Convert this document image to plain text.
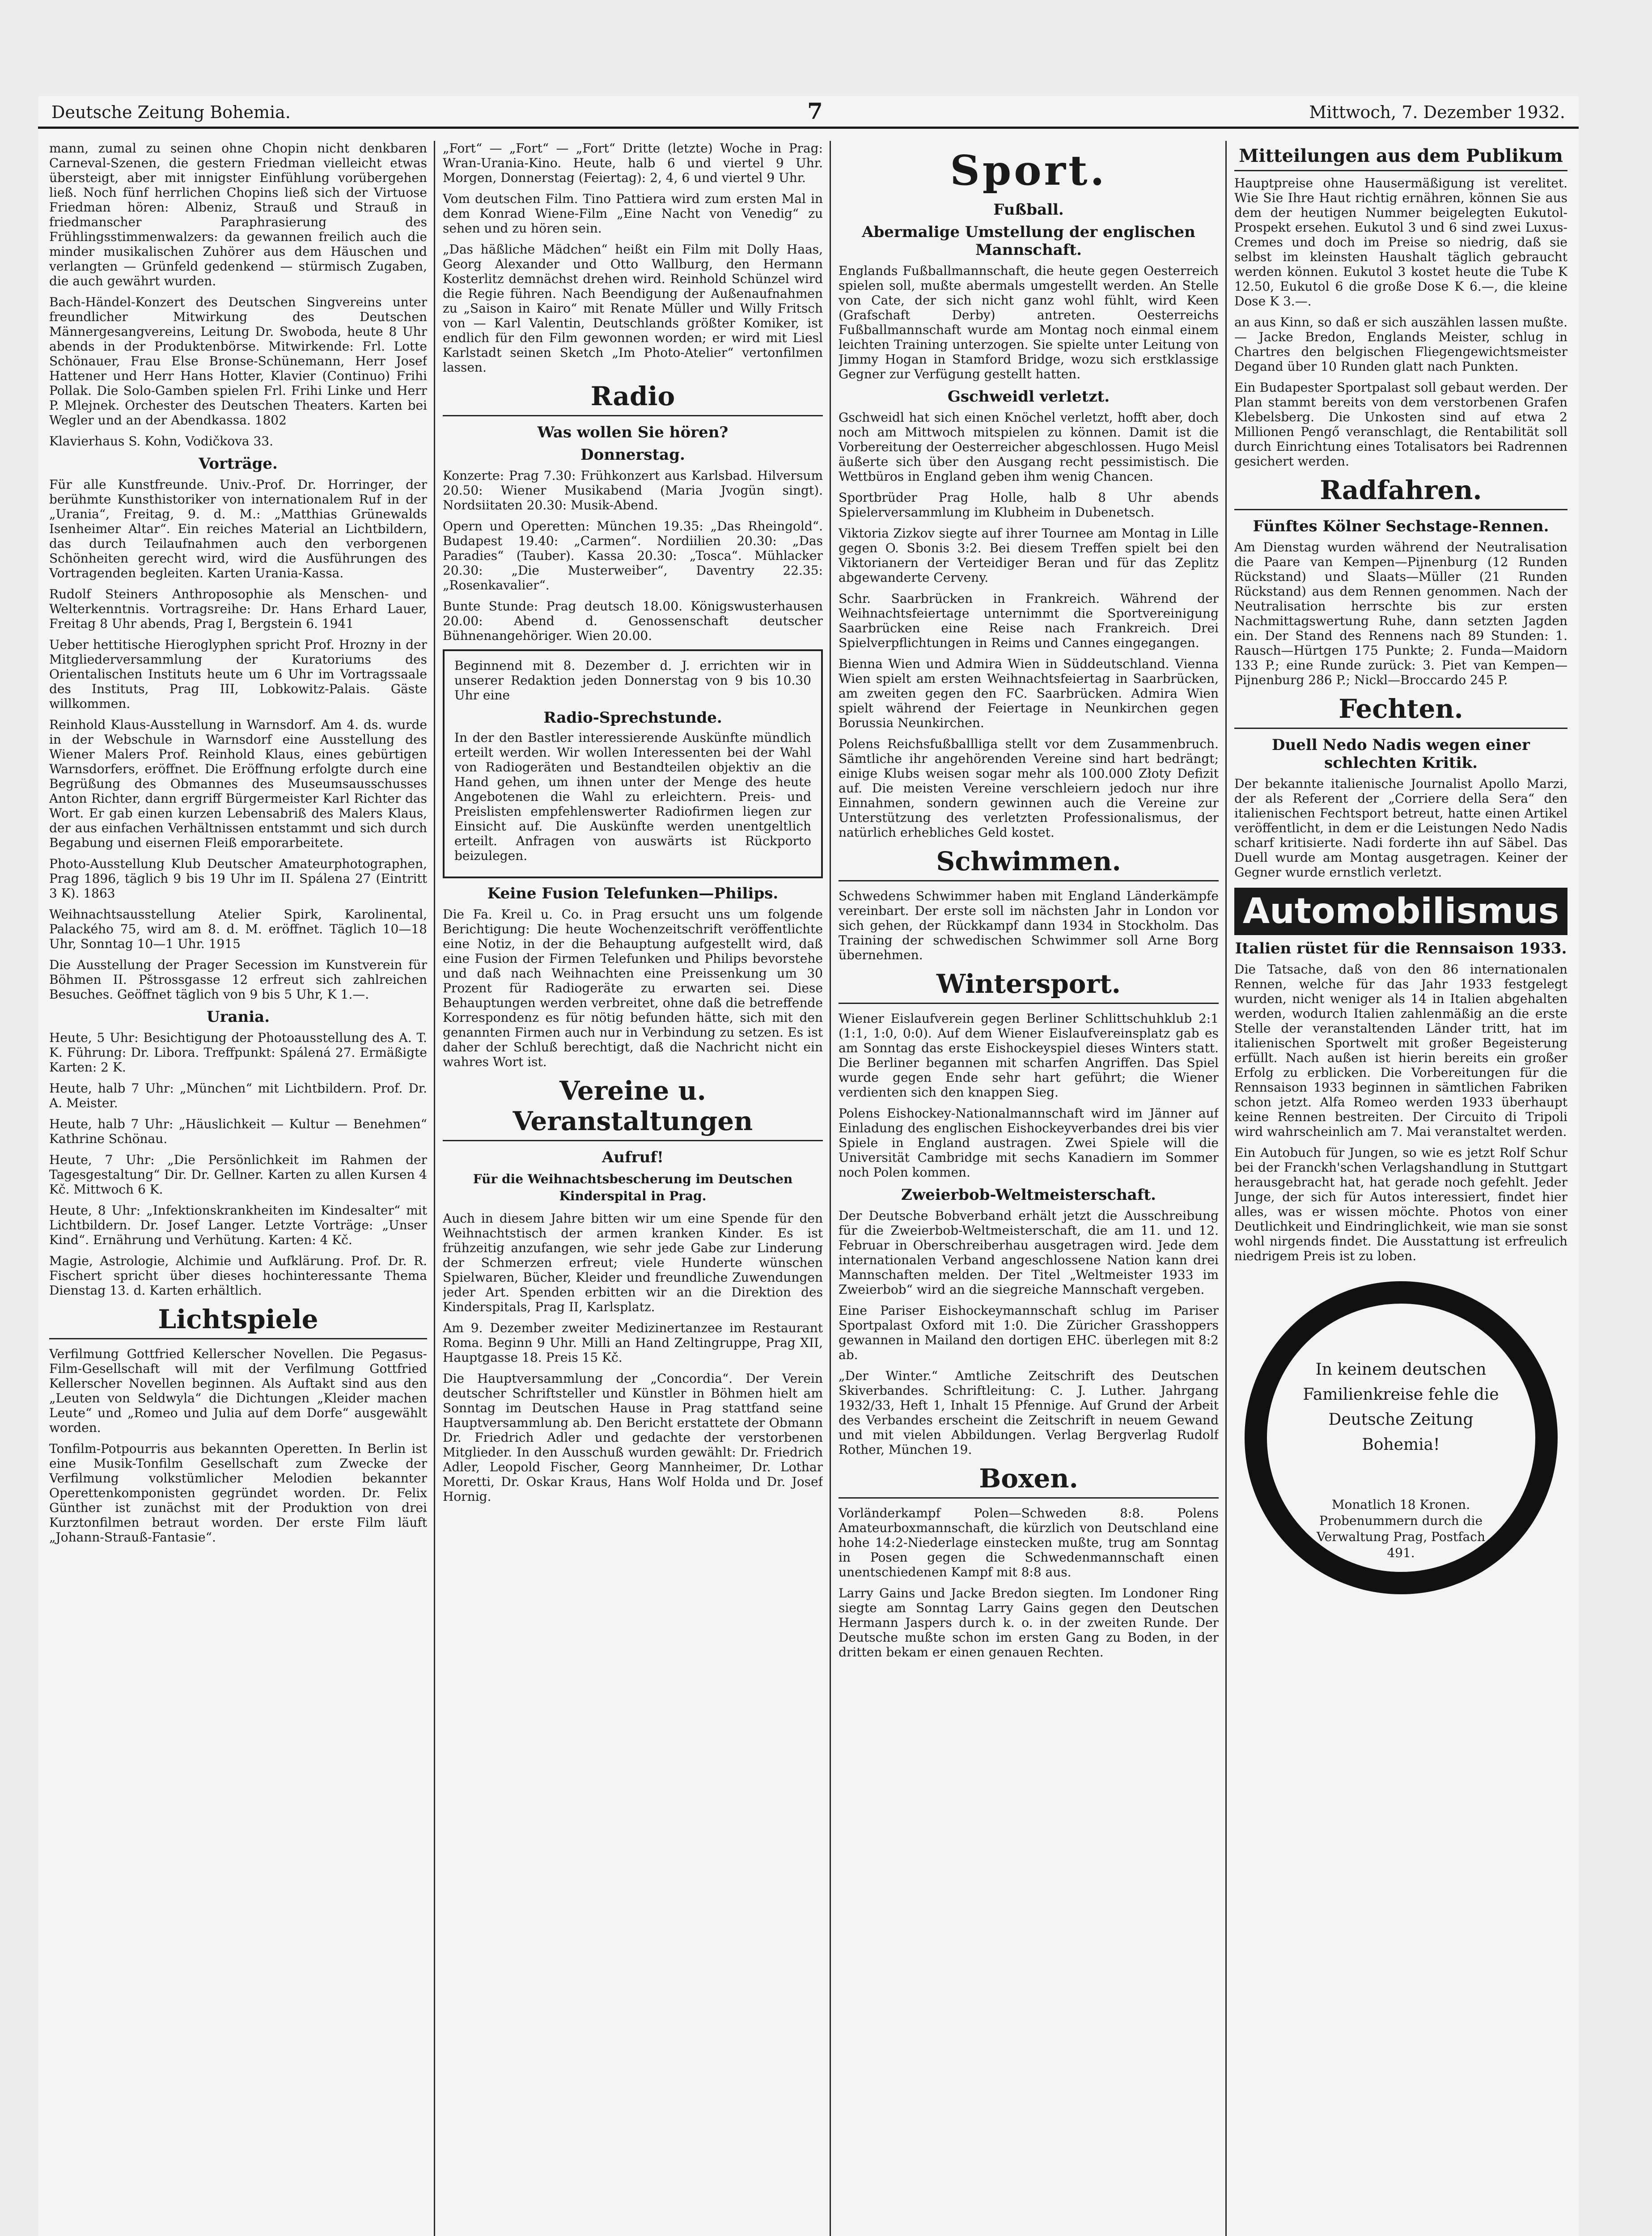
Deutsche Zeitung Bohemia.	7	Mittwoch, 7. Dezember 1932.

mann, zumal zu seinen ohne Chopin nicht denkbaren Carneval-Szenen, die gestern Friedman vielleicht etwas übersteigt, aber mit innigster Einfühlung vorübergehen ließ. Noch fünf herrlichen Chopins ließ sich der Virtuose Friedman hören: Albeniz, Strauß und Strauß in friedmanscher Paraphrasierung des Frühlingsstimmenwalzers: da gewannen freilich auch die minder musikalischen Zuhörer aus dem Häuschen und verlangten — Grünfeld gedenkend — stürmisch Zugaben, die auch gewährt wurden.

Bach-Händel-Konzert des Deutschen Singvereins unter freundlicher Mitwirkung des Deutschen Männergesangvereins, Leitung Dr. Swoboda, heute 8 Uhr abends in der Produktenbörse. Mitwirkende: Frl. Lotte Schönauer, Frau Else Bronse-Schünemann, Herr Josef Hattener und Herr Hans Hotter, Klavier (Continuo) Frihi Pollak. Die Solo-Gamben spielen Frl. Frihi Linke und Herr P. Mlejnek. Orchester des Deutschen Theaters. Karten bei Wegler und an der Abendkassa. 1802

Klavierhaus S. Kohn, Vodičkova 33.

Vorträge.

Für alle Kunstfreunde. Univ.-Prof. Dr. Horringer, der berühmte Kunsthistoriker von internationalem Ruf in der „Urania“, Freitag, 9. d. M.: „Matthias Grünewalds Isenheimer Altar“. Ein reiches Material an Lichtbildern, das durch Teilaufnahmen auch den verborgenen Schönheiten gerecht wird, wird die Ausführungen des Vortragenden begleiten. Karten Urania-Kassa.

Rudolf Steiners Anthroposophie als Menschen- und Welterkenntnis. Vortragsreihe: Dr. Hans Erhard Lauer, Freitag 8 Uhr abends, Prag I, Bergstein 6. 1941

Ueber hettitische Hieroglyphen spricht Prof. Hrozny in der Mitgliederversammlung der Kuratoriums des Orientalischen Instituts heute um 6 Uhr im Vortragssaale des Instituts, Prag III, Lobkowitz-Palais. Gäste willkommen.

Reinhold Klaus-Ausstellung in Warnsdorf. Am 4. ds. wurde in der Webschule in Warnsdorf eine Ausstellung des Wiener Malers Prof. Reinhold Klaus, eines gebürtigen Warnsdorfers, eröffnet. Die Eröffnung erfolgte durch eine Begrüßung des Obmannes des Museumsausschusses Anton Richter, dann ergriff Bürgermeister Karl Richter das Wort. Er gab einen kurzen Lebensabriß des Malers Klaus, der aus einfachen Verhältnissen entstammt und sich durch Begabung und eisernen Fleiß emporarbeitete.

Photo-Ausstellung Klub Deutscher Amateurphotographen, Prag 1896, täglich 9 bis 19 Uhr im II. Spálena 27 (Eintritt 3 K). 1863

Weihnachtsausstellung Atelier Spirk, Karolinental, Palackého 75, wird am 8. d. M. eröffnet. Täglich 10—18 Uhr, Sonntag 10—1 Uhr. 1915

Die Ausstellung der Prager Secession im Kunstverein für Böhmen II. Pštrossgasse 12 erfreut sich zahlreichen Besuches. Geöffnet täglich von 9 bis 5 Uhr, K 1.—.

Urania.

Heute, 5 Uhr: Besichtigung der Photoausstellung des A. T. K. Führung: Dr. Libora. Treffpunkt: Spálená 27. Ermäßigte Karten: 2 K.

Heute, halb 7 Uhr: „München“ mit Lichtbildern. Prof. Dr. A. Meister.

Heute, halb 7 Uhr: „Häuslichkeit — Kultur — Benehmen“ Kathrine Schönau.

Heute, 7 Uhr: „Die Persönlichkeit im Rahmen der Tagesgestaltung“ Dir. Dr. Gellner. Karten zu allen Kursen 4 Kč. Mittwoch 6 K.

Heute, 8 Uhr: „Infektionskrankheiten im Kindesalter“ mit Lichtbildern. Dr. Josef Langer. Letzte Vorträge: „Unser Kind“. Ernährung und Verhütung. Karten: 4 Kč.

Magie, Astrologie, Alchimie und Aufklärung. Prof. Dr. R. Fischert spricht über dieses hochinteressante Thema Dienstag 13. d. Karten erhältlich.

Lichtspiele

Verfilmung Gottfried Kellerscher Novellen. Die Pegasus-Film-Gesellschaft will mit der Verfilmung Gottfried Kellerscher Novellen beginnen. Als Auftakt sind aus den „Leuten von Seldwyla“ die Dichtungen „Kleider machen Leute“ und „Romeo und Julia auf dem Dorfe“ ausgewählt worden.

Tonfilm-Potpourris aus bekannten Operetten. In Berlin ist eine Musik-Tonfilm Gesellschaft zum Zwecke der Verfilmung volkstümlicher Melodien bekannter Operettenkomponisten gegründet worden. Dr. Felix Günther ist zunächst mit der Produktion von drei Kurztonfilmen betraut worden. Der erste Film läuft „Johann-Strauß-Fantasie“.

„Fort“ — „Fort“ — „Fort“ Dritte (letzte) Woche in Prag: Wran-Urania-Kino. Heute, halb 6 und viertel 9 Uhr. Morgen, Donnerstag (Feiertag): 2, 4, 6 und viertel 9 Uhr.

Vom deutschen Film. Tino Pattiera wird zum ersten Mal in dem Konrad Wiene-Film „Eine Nacht von Venedig“ zu sehen und zu hören sein.

„Das häßliche Mädchen“ heißt ein Film mit Dolly Haas, Georg Alexander und Otto Wallburg, den Hermann Kosterlitz demnächst drehen wird. Reinhold Schünzel wird die Regie führen. Nach Beendigung der Außenaufnahmen zu „Saison in Kairo“ mit Renate Müller und Willy Fritsch von — Karl Valentin, Deutschlands größter Komiker, ist endlich für den Film gewonnen worden; er wird mit Liesl Karlstadt seinen Sketch „Im Photo-Atelier“ vertonfilmen lassen.

Radio
Was wollen Sie hören?
Donnerstag.

Konzerte: Prag 7.30: Frühkonzert aus Karlsbad. Hilversum 20.50: Wiener Musikabend (Maria Jvogün singt). Nordsiitaten 20.30: Musik-Abend.

Opern und Operetten: München 19.35: „Das Rheingold“. Budapest 19.40: „Carmen“. Nordiilien 20.30: „Das Paradies“ (Tauber). Kassa 20.30: „Tosca“. Mühlacker 20.30: „Die Musterweiber“, Daventry 22.35: „Rosenkavalier“.

Bunte Stunde: Prag deutsch 18.00. Königswusterhausen 20.00: Abend d. Genossenschaft deutscher Bühnenangehöriger. Wien 20.00.

Beginnend mit 8. Dezember d. J. errichten wir in unserer Redaktion jeden Donnerstag von 9 bis 10.30 Uhr eine

Radio-Sprechstunde.

In der den Bastler interessierende Auskünfte mündlich erteilt werden. Wir wollen Interessenten bei der Wahl von Radiogeräten und Bestandteilen objektiv an die Hand gehen, um ihnen unter der Menge des heute Angebotenen die Wahl zu erleichtern. Preis- und Preislisten empfehlenswerter Radiofirmen liegen zur Einsicht auf. Die Auskünfte werden unentgeltlich erteilt. Anfragen von auswärts ist Rückporto beizulegen.

Keine Fusion Telefunken—Philips.

Die Fa. Kreil u. Co. in Prag ersucht uns um folgende Berichtigung: Die heute Wochenzeitschrift veröffentlichte eine Notiz, in der die Behauptung aufgestellt wird, daß eine Fusion der Firmen Telefunken und Philips bevorstehe und daß nach Weihnachten eine Preissenkung um 30 Prozent für Radiogeräte zu erwarten sei. Diese Behauptungen werden verbreitet, ohne daß die betreffende Korrespondenz es für nötig befunden hätte, sich mit den genannten Firmen auch nur in Verbindung zu setzen. Es ist daher der Schluß berechtigt, daß die Nachricht nicht ein wahres Wort ist.

Vereine u. Veranstaltungen
Aufruf!

Für die Weihnachtsbescherung im Deutschen Kinderspital in Prag.

Auch in diesem Jahre bitten wir um eine Spende für den Weihnachtstisch der armen kranken Kinder. Es ist frühzeitig anzufangen, wie sehr jede Gabe zur Linderung der Schmerzen erfreut; viele Hunderte wünschen Spielwaren, Bücher, Kleider und freundliche Zuwendungen jeder Art. Spenden erbitten wir an die Direktion des Kinderspitals, Prag II, Karlsplatz.

Am 9. Dezember zweiter Medizinertanzee im Restaurant Roma. Beginn 9 Uhr. Milli an Hand Zeltingruppe, Prag XII, Hauptgasse 18. Preis 15 Kč.

Die Hauptversammlung der „Concordia“. Der Verein deutscher Schriftsteller und Künstler in Böhmen hielt am Sonntag im Deutschen Hause in Prag stattfand seine Hauptversammlung ab. Den Bericht erstattete der Obmann Dr. Friedrich Adler und gedachte der verstorbenen Mitglieder. In den Ausschuß wurden gewählt: Dr. Friedrich Adler, Leopold Fischer, Georg Mannheimer, Dr. Lothar Moretti, Dr. Oskar Kraus, Hans Wolf Holda und Dr. Josef Hornig.

Sport.
Fußball.
Abermalige Umstellung der englischen Mannschaft.

Englands Fußballmannschaft, die heute gegen Oesterreich spielen soll, mußte abermals umgestellt werden. An Stelle von Cate, der sich nicht ganz wohl fühlt, wird Keen (Grafschaft Derby) antreten. Oesterreichs Fußballmannschaft wurde am Montag noch einmal einem leichten Training unterzogen. Sie spielte unter Leitung von Jimmy Hogan in Stamford Bridge, wozu sich erstklassige Gegner zur Verfügung gestellt hatten.

Gschweidl verletzt.

Gschweidl hat sich einen Knöchel verletzt, hofft aber, doch noch am Mittwoch mitspielen zu können. Damit ist die Vorbereitung der Oesterreicher abgeschlossen. Hugo Meisl äußerte sich über den Ausgang recht pessimistisch. Die Wettbüros in England geben ihm wenig Chancen.

Sportbrüder Prag Holle, halb 8 Uhr abends Spielerversammlung im Klubheim in Dubenetsch.

Viktoria Zizkov siegte auf ihrer Tournee am Montag in Lille gegen O. Sbonis 3:2. Bei diesem Treffen spielt bei den Viktorianern der Verteidiger Beran und für das Zeplitz abgewanderte Cerveny.

Schr. Saarbrücken in Frankreich. Während der Weihnachtsfeiertage unternimmt die Sportvereinigung Saarbrücken eine Reise nach Frankreich. Drei Spielverpflichtungen in Reims und Cannes eingegangen.

Bienna Wien und Admira Wien in Süddeutschland. Vienna Wien spielt am ersten Weihnachtsfeiertag in Saarbrücken, am zweiten gegen den FC. Saarbrücken. Admira Wien spielt während der Feiertage in Neunkirchen gegen Borussia Neunkirchen.

Polens Reichsfußballliga stellt vor dem Zusammenbruch. Sämtliche ihr angehörenden Vereine sind hart bedrängt; einige Klubs weisen sogar mehr als 100.000 Złoty Defizit auf. Die meisten Vereine verschleiern jedoch nur ihre Einnahmen, sondern gewinnen auch die Vereine zur Unterstützung des verletzten Professionalismus, der natürlich erhebliches Geld kostet.

Schwimmen.

Schwedens Schwimmer haben mit England Länderkämpfe vereinbart. Der erste soll im nächsten Jahr in London vor sich gehen, der Rückkampf dann 1934 in Stockholm. Das Training der schwedischen Schwimmer soll Arne Borg übernehmen.

Wintersport.

Wiener Eislaufverein gegen Berliner Schlittschuhklub 2:1 (1:1, 1:0, 0:0). Auf dem Wiener Eislaufvereinsplatz gab es am Sonntag das erste Eishockeyspiel dieses Winters statt. Die Berliner begannen mit scharfen Angriffen. Das Spiel wurde gegen Ende sehr hart geführt; die Wiener verdienten sich den knappen Sieg.

Polens Eishockey-Nationalmannschaft wird im Jänner auf Einladung des englischen Eishockeyverbandes drei bis vier Spiele in England austragen. Zwei Spiele will die Universität Cambridge mit sechs Kanadiern im Sommer noch Polen kommen.

Zweierbob-Weltmeisterschaft.

Der Deutsche Bobverband erhält jetzt die Ausschreibung für die Zweierbob-Weltmeisterschaft, die am 11. und 12. Februar in Oberschreiberhau ausgetragen wird. Jede dem internationalen Verband angeschlossene Nation kann drei Mannschaften melden. Der Titel „Weltmeister 1933 im Zweierbob“ wird an die siegreiche Mannschaft vergeben.

Eine Pariser Eishockeymannschaft schlug im Pariser Sportpalast Oxford mit 1:0. Die Züricher Grasshoppers gewannen in Mailand den dortigen EHC. überlegen mit 8:2 ab.

„Der Winter.“ Amtliche Zeitschrift des Deutschen Skiverbandes. Schriftleitung: C. J. Luther. Jahrgang 1932/33, Heft 1, Inhalt 15 Pfennige. Auf Grund der Arbeit des Verbandes erscheint die Zeitschrift in neuem Gewand und mit vielen Abbildungen. Verlag Bergverlag Rudolf Rother, München 19.

Boxen.

Vorländerkampf Polen—Schweden 8:8. Polens Amateurboxmannschaft, die kürzlich von Deutschland eine hohe 14:2-Niederlage einstecken mußte, trug am Sonntag in Posen gegen die Schwedenmannschaft einen unentschiedenen Kampf mit 8:8 aus.

Larry Gains und Jacke Bredon siegten. Im Londoner Ring siegte am Sonntag Larry Gains gegen den Deutschen Hermann Jaspers durch k. o. in der zweiten Runde. Der Deutsche mußte schon im ersten Gang zu Boden, in der dritten bekam er einen genauen Rechten.

Mitteilungen aus dem Publikum

Hauptpreise ohne Hausermäßigung ist verelitet. Wie Sie Ihre Haut richtig ernähren, können Sie aus dem der heutigen Nummer beigelegten Eukutol-Prospekt ersehen. Eukutol 3 und 6 sind zwei Luxus-Cremes und doch im Preise so niedrig, daß sie selbst im kleinsten Haushalt täglich gebraucht werden können. Eukutol 3 kostet heute die Tube K 12.50, Eukutol 6 die große Dose K 6.—, die kleine Dose K 3.—.

an aus Kinn, so daß er sich auszählen lassen mußte. — Jacke Bredon, Englands Meister, schlug in Chartres den belgischen Fliegengewichtsmeister Degand über 10 Runden glatt nach Punkten.

Ein Budapester Sportpalast soll gebaut werden. Der Plan stammt bereits von dem verstorbenen Grafen Klebelsberg. Die Unkosten sind auf etwa 2 Millionen Pengő veranschlagt, die Rentabilität soll durch Einrichtung eines Totalisators bei Radrennen gesichert werden.

Radfahren.
Fünftes Kölner Sechstage-Rennen.

Am Dienstag wurden während der Neutralisation die Paare van Kempen—Pijnenburg (12 Runden Rückstand) und Slaats—Müller (21 Runden Rückstand) aus dem Rennen genommen. Nach der Neutralisation herrschte bis zur ersten Nachmittagswertung Ruhe, dann setzten Jagden ein. Der Stand des Rennens nach 89 Stunden: 1. Rausch—Hürtgen 175 Punkte; 2. Funda—Maidorn 133 P.; eine Runde zurück: 3. Piet van Kempen—Pijnenburg 286 P.; Nickl—Broccardo 245 P.

Fechten.
Duell Nedo Nadis wegen einer schlechten Kritik.

Der bekannte italienische Journalist Apollo Marzi, der als Referent der „Corriere della Sera“ den italienischen Fechtsport betreut, hatte einen Artikel veröffentlicht, in dem er die Leistungen Nedo Nadis scharf kritisierte. Nadi forderte ihn auf Säbel. Das Duell wurde am Montag ausgetragen. Keiner der Gegner wurde ernstlich verletzt.

Automobilismus
Italien rüstet für die Rennsaison 1933.

Die Tatsache, daß von den 86 internationalen Rennen, welche für das Jahr 1933 festgelegt wurden, nicht weniger als 14 in Italien abgehalten werden, wodurch Italien zahlenmäßig an die erste Stelle der veranstaltenden Länder tritt, hat im italienischen Sportwelt mit großer Begeisterung erfüllt. Nach außen ist hierin bereits ein großer Erfolg zu erblicken. Die Vorbereitungen für die Rennsaison 1933 beginnen in sämtlichen Fabriken schon jetzt. Alfa Romeo werden 1933 überhaupt keine Rennen bestreiten. Der Circuito di Tripoli wird wahrscheinlich am 7. Mai veranstaltet werden.

Ein Autobuch für Jungen, so wie es jetzt Rolf Schur bei der Franckh'schen Verlagshandlung in Stuttgart herausgebracht hat, hat gerade noch gefehlt. Jeder Junge, der sich für Autos interessiert, findet hier alles, was er wissen möchte. Photos von einer Deutlichkeit und Eindringlichkeit, wie man sie sonst wohl nirgends findet. Die Ausstattung ist erfreulich niedrigem Preis ist zu loben.

In keinem deutschen Familienkreise fehle die Deutsche Zeitung Bohemia!
Monatlich 18 Kronen.
Probenummern durch die Verwaltung Prag, Postfach 491.
